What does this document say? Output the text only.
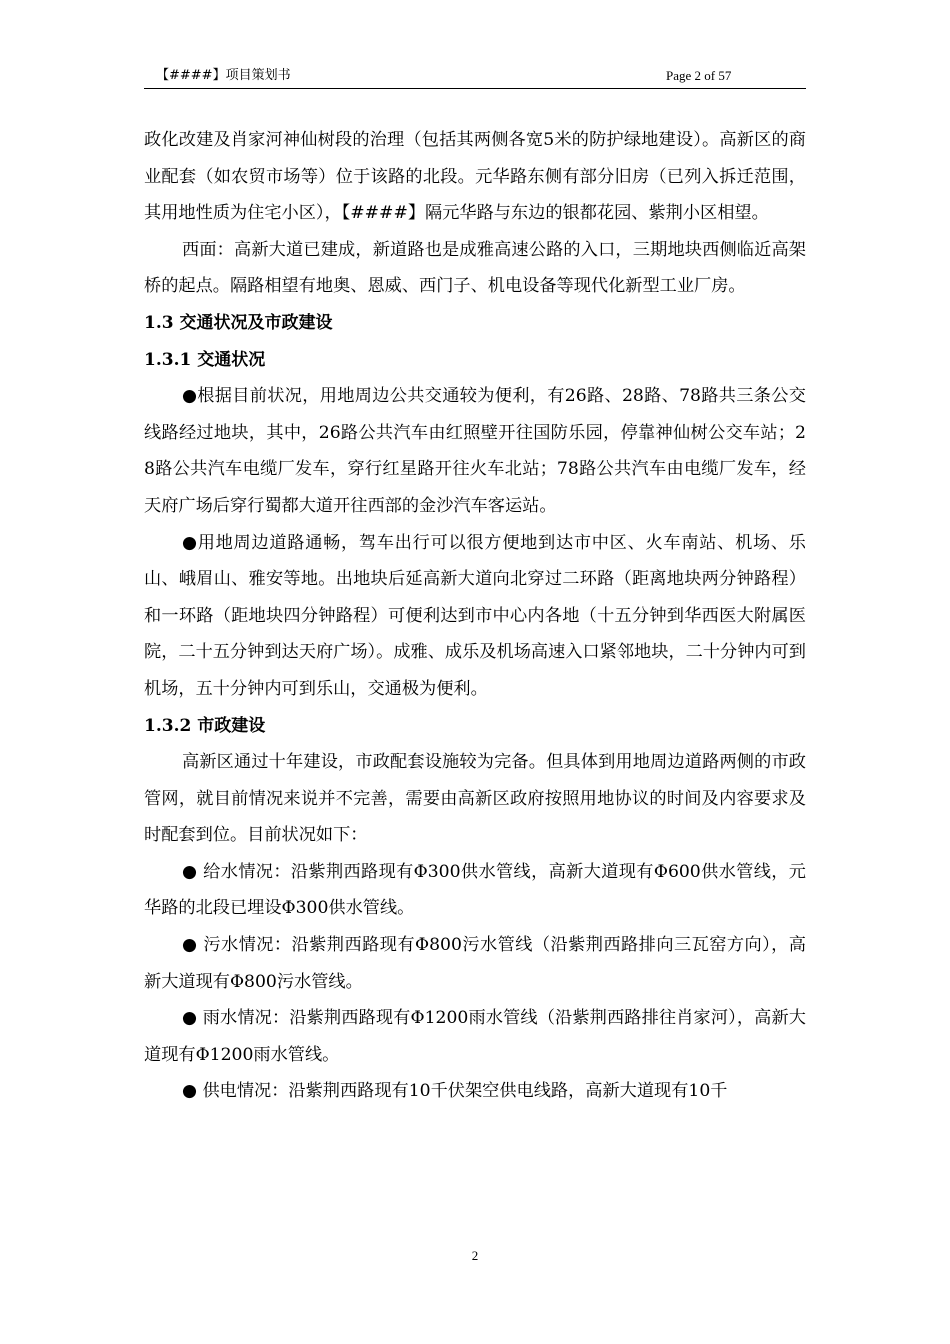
【####】项目策划书	Page 2 of 57

政化改建及肖家河神仙树段的治理（包括其两侧各宽5米的防护绿地建设）。高新区的商业配套（如农贸市场等）位于该路的北段。元华路东侧有部分旧房（已列入拆迁范围，其用地性质为住宅小区），【####】隔元华路与东边的银都花园、紫荆小区相望。

西面：高新大道已建成，新道路也是成雅高速公路的入口，三期地块西侧临近高架桥的起点。隔路相望有地奥、恩威、西门子、机电设备等现代化新型工业厂房。

1.3 交通状况及市政建设

1.3.1 交通状况

●根据目前状况，用地周边公共交通较为便利，有26路、28路、78路共三条公交线路经过地块，其中，26路公共汽车由红照壁开往国防乐园，停靠神仙树公交车站；28路公共汽车电缆厂发车，穿行红星路开往火车北站；78路公共汽车由电缆厂发车，经天府广场后穿行蜀都大道开往西部的金沙汽车客运站。

●用地周边道路通畅，驾车出行可以很方便地到达市中区、火车南站、机场、乐山、峨眉山、雅安等地。出地块后延高新大道向北穿过二环路（距离地块两分钟路程）和一环路（距地块四分钟路程）可便利达到市中心内各地（十五分钟到华西医大附属医院，二十五分钟到达天府广场）。成雅、成乐及机场高速入口紧邻地块，二十分钟内可到机场，五十分钟内可到乐山，交通极为便利。

1.3.2 市政建设

高新区通过十年建设，市政配套设施较为完备。但具体到用地周边道路两侧的市政管网，就目前情况来说并不完善，需要由高新区政府按照用地协议的时间及内容要求及时配套到位。目前状况如下：

● 给水情况：沿紫荆西路现有Φ300供水管线，高新大道现有Φ600供水管线，元华路的北段已埋设Φ300供水管线。

● 污水情况：沿紫荆西路现有Φ800污水管线（沿紫荆西路排向三瓦窑方向），高新大道现有Φ800污水管线。

● 雨水情况：沿紫荆西路现有Φ1200雨水管线（沿紫荆西路排往肖家河），高新大道现有Φ1200雨水管线。

● 供电情况：沿紫荆西路现有10千伏架空供电线路，高新大道现有10千

2
